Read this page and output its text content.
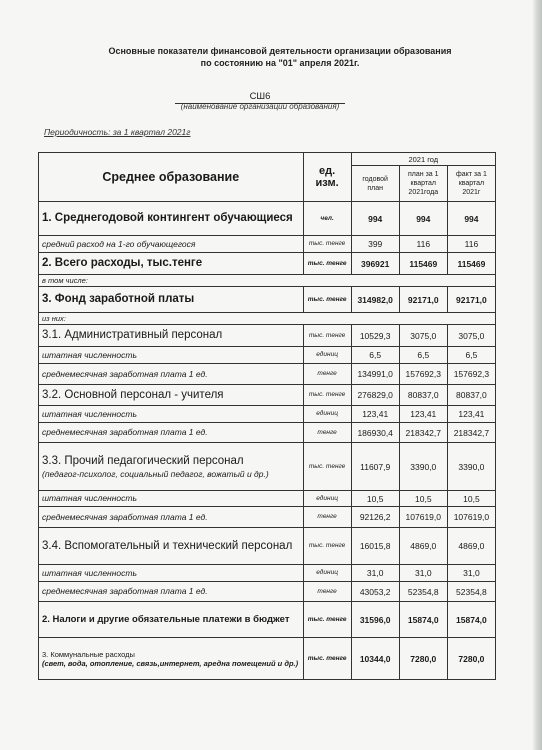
Основные показатели финансовой деятельности организации образования
по состоянию на "01" апреля 2021г.
СШ6
(наименование организации образования)
Периодичность: за 1 квартал 2021г
Среднее образование	ед. изм.	2021 год		
		годовой план	план за 1 квартал 2021года	факт за 1 квартал 2021г
1. Среднегодовой контингент обучающиеся	чел.	994	994	994
средний расход на 1-го обучающегося	тыс. тенге	399	116	116
2. Всего расходы, тыс.тенге	тыс. тенге	396921	115469	115469
в том числе:				
3. Фонд заработной платы	тыс. тенге	314982,0	92171,0	92171,0
из них:				
3.1. Административный персонал	тыс. тенге	10529,3	3075,0	3075,0
штатная численность	единиц	6,5	6,5	6,5
среднемесячная заработная плата 1 ед.	тенге	134991,0	157692,3	157692,3
3.2. Основной персонал - учителя	тыс. тенге	276829,0	80837,0	80837,0
штатная численность	единиц	123,41	123,41	123,41
среднемесячная заработная плата 1 ед.	тенге	186930,4	218342,7	218342,7

3.3. Прочий педагогический персонал
(педагог-психолог, социальный педагог, вожатый и др.)	тыс. тенге	11607,9	3390,0	3390,0
штатная численность	единиц	10,5	10,5	10,5
среднемесячная заработная плата 1 ед.	тенге	92126,2	107619,0	107619,0
3.4. Вспомогательный и технический персонал	тыс. тенге	16015,8	4869,0	4869,0
штатная численность	единиц	31,0	31,0	31,0
среднемесячная заработная плата 1 ед.	тенге	43053,2	52354,8	52354,8
2. Налоги и другие обязательные платежи в бюджет	тыс. тенге	31596,0	15874,0	15874,0

3. Коммунальные расходы
(свет, вода, отопление, связь,интернет, аредна помещений и др.)	тыс. тенге	10344,0	7280,0	7280,0
